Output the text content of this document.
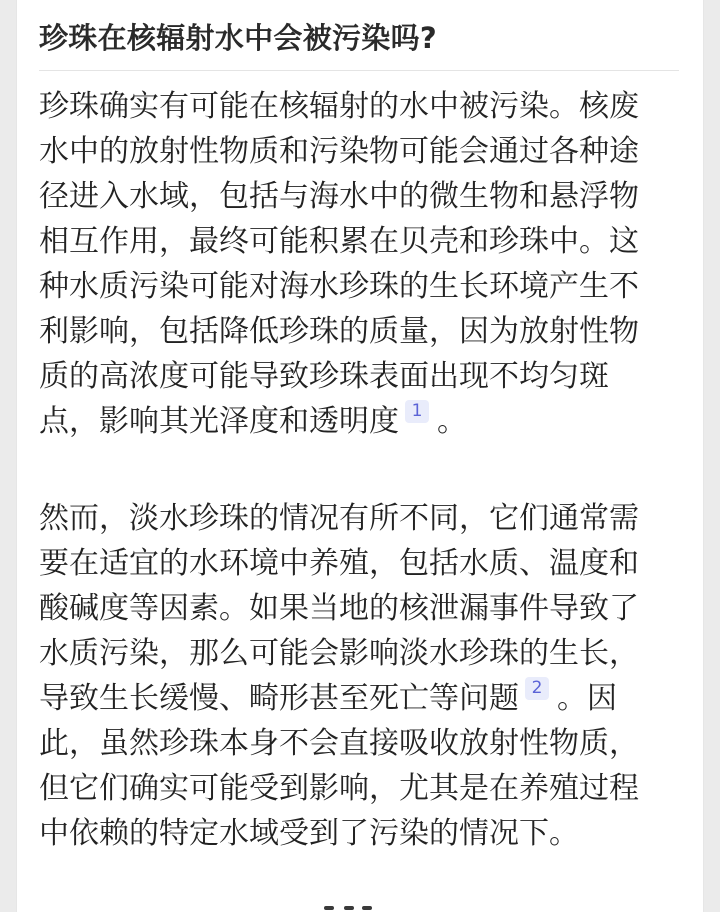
珍珠在核辐射水中会被污染吗?
珍珠确实有可能在核辐射的水中被污染。核废
水中的放射性物质和污染物可能会通过各种途
径进入水域，包括与海水中的微生物和悬浮物
相互作用，最终可能积累在贝壳和珍珠中。这
种水质污染可能对海水珍珠的生长环境产生不
利影响，包括降低珍珠的质量，因为放射性物
质的高浓度可能导致珍珠表面出现不均匀斑
点，影响其光泽度和透明度 1 。
然而，淡水珍珠的情况有所不同，它们通常需
要在适宜的水环境中养殖，包括水质、温度和
酸碱度等因素。如果当地的核泄漏事件导致了
水质污染，那么可能会影响淡水珍珠的生长，
导致生长缓慢、畸形甚至死亡等问题 2 。因
此，虽然珍珠本身不会直接吸收放射性物质，
但它们确实可能受到影响，尤其是在养殖过程
中依赖的特定水域受到了污染的情况下。
